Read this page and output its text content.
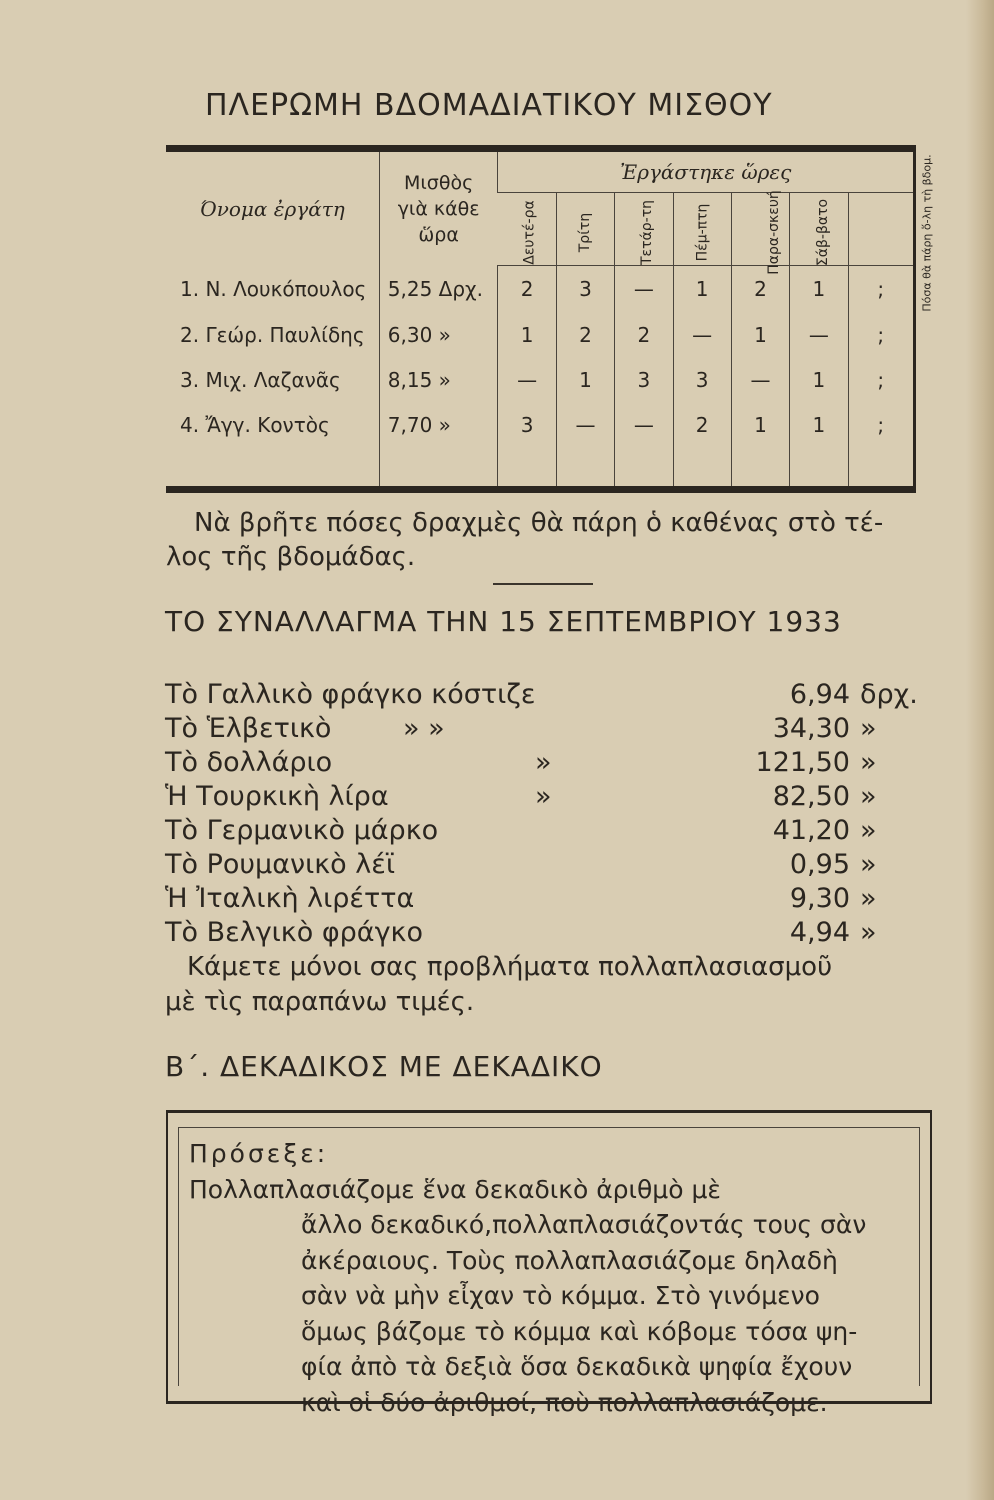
ΠΛΕΡΩΜΗ ΒΔΟΜΑΔΙΑΤΙΚΟΥ ΜΙΣΘΟΥ
Όνομα ἐργάτη	Μισθὸς
γιὰ κάθε
ὥρα	Ἐργάστηκε ὥρες						
		Δευτέ-ρα	Τρίτη	Τετάρ-τη	Πέμ-πτη	Παρα-σκευή	Σάβ-βατο	Πόσα θὰ πάρη ὅ-λη τὴ βδομ.
1. Ν. Λουκόπουλος	5,25 Δρχ.	2	3	—	1	2	1	;
2. Γεώρ. Παυλίδης	6,30 »	1	2	2	—	1	—	;
3. Μιχ. Λαζανᾶς	8,15 »	—	1	3	3	—	1	;
4. Ἄγγ. Κοντὸς	7,70 »	3	—	—	2	1	1	;

Νὰ βρῆτε πόσες δραχμὲς θὰ πάρη ὁ καθένας στὸ τέ-
λος τῆς βδομάδας.
ΤΟ ΣΥΝΑΛΛΑΓΜΑ ΤΗΝ 15 ΣΕΠΤΕΜΒΡΙΟΥ 1933
Τὸ Γαλλικὸ φράγκο κόστιζε	6,94 δρχ.
Τὸ Ἑλβετικὸ	» »	34,30 »
Τὸ δολλάριο	»	121,50 »
Ἡ Τουρκικὴ λίρα	»	82,50 »
Τὸ Γερμανικὸ μάρκο	41,20 »
Τὸ Ρουμανικὸ λέϊ	0,95 »
Ἡ Ἰταλικὴ λιρέττα	9,30 »
Τὸ Βελγικὸ φράγκο	4,94 »
Κάμετε μόνοι σας προβλήματα πολλαπλασιασμοῦ
μὲ τὶς παραπάνω τιμές.
Β΄. ΔΕΚΑΔΙΚΟΣ ΜΕ ΔΕΚΑΔΙΚΟ
Πρόσεξε:
Πολλαπλασιάζομε ἕνα δεκαδικὸ ἀριθμὸ μὲ
ἄλλο δεκαδικό,πολλαπλασιάζοντάς τους σὰν
ἀκέραιους. Τοὺς πολλαπλασιάζομε δηλαδὴ
σὰν νὰ μὴν εἶχαν τὸ κόμμα. Στὸ γινόμενο
ὅμως βάζομε τὸ κόμμα καὶ κόβομε τόσα ψη-
φία ἀπὸ τὰ δεξιὰ ὅσα δεκαδικὰ ψηφία ἔχουν
καὶ οἱ δύο ἀριθμοί, ποὺ πολλαπλασιάζομε.
